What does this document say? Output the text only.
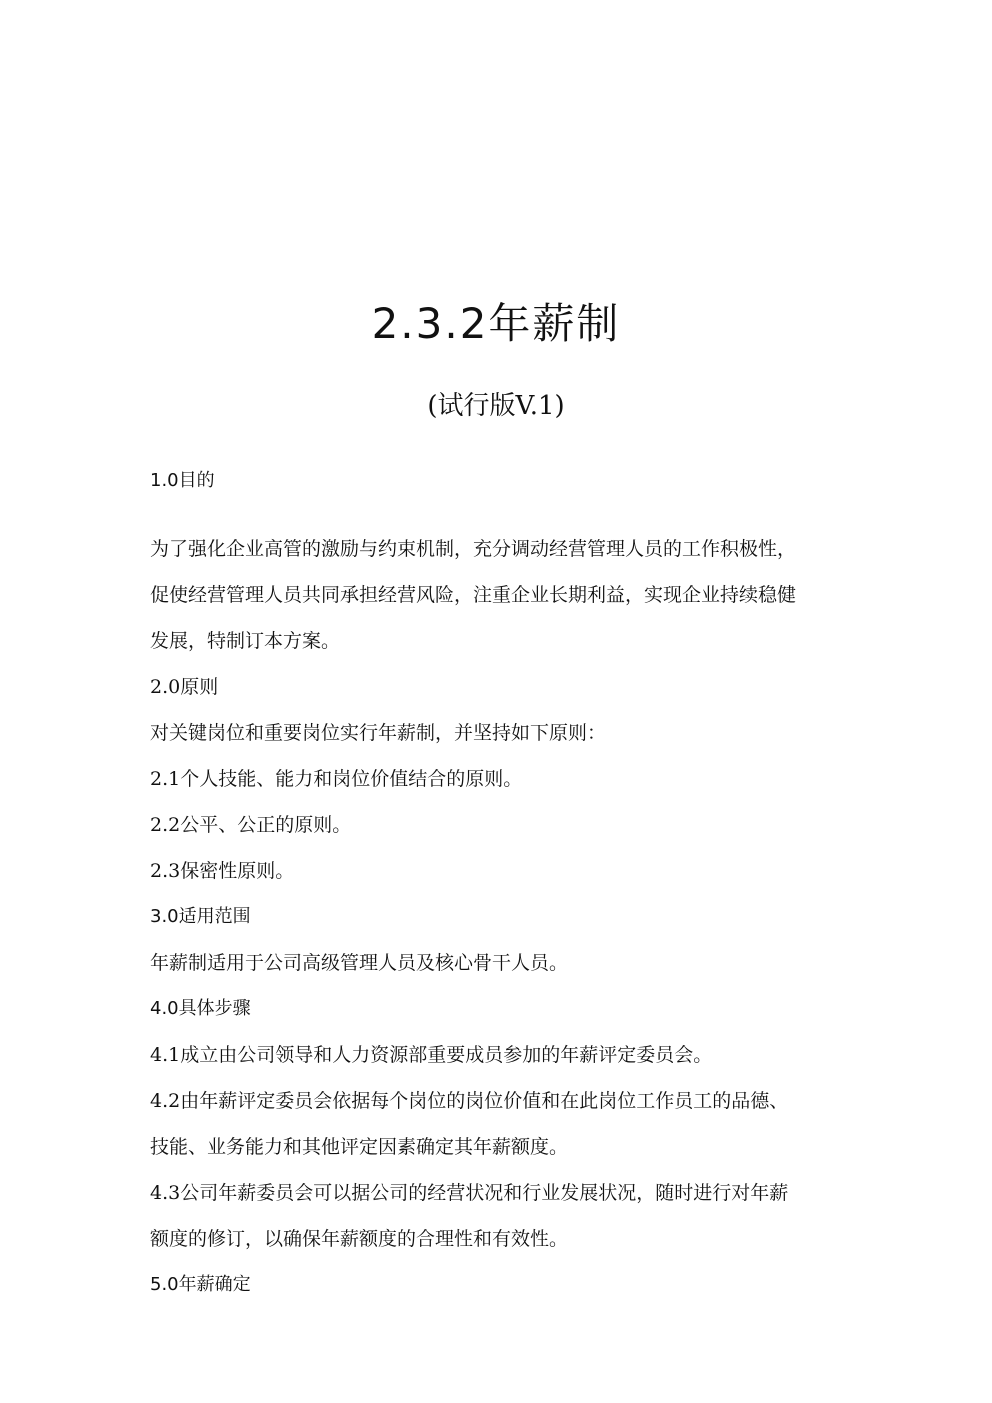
2.3.2年薪制
(试行版V.1)
1.0目的
为了强化企业高管的激励与约束机制，充分调动经营管理人员的工作积极性，
促使经营管理人员共同承担经营风险，注重企业长期利益，实现企业持续稳健
发展，特制订本方案。
2.0原则
对关键岗位和重要岗位实行年薪制，并坚持如下原则：
2.1个人技能、能力和岗位价值结合的原则。
2.2公平、公正的原则。
2.3保密性原则。
3.0适用范围
年薪制适用于公司高级管理人员及核心骨干人员。
4.0具体步骤
4.1成立由公司领导和人力资源部重要成员参加的年薪评定委员会。
4.2由年薪评定委员会依据每个岗位的岗位价值和在此岗位工作员工的品德、
技能、业务能力和其他评定因素确定其年薪额度。
4.3公司年薪委员会可以据公司的经营状况和行业发展状况，随时进行对年薪
额度的修订，以确保年薪额度的合理性和有效性。
5.0年薪确定
